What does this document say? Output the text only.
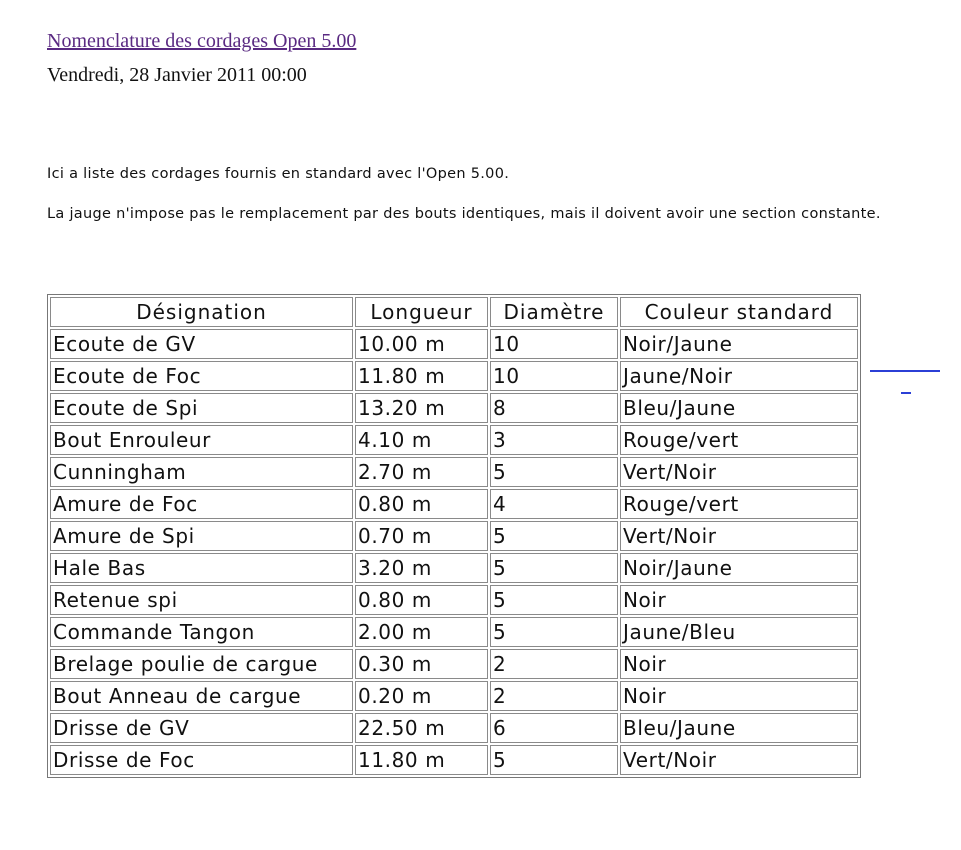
Nomenclature des cordages Open 5.00
Vendredi, 28 Janvier 2011 00:00
Ici a liste des cordages fournis en standard avec l'Open 5.00.
La jauge n'impose pas le remplacement par des bouts identiques, mais il doivent avoir une section constante.
Désignation	Longueur	Diamètre	Couleur standard
Ecoute de GV	10.00 m	10	Noir/Jaune
Ecoute de Foc	11.80 m	10	Jaune/Noir
Ecoute de Spi	13.20 m	8	Bleu/Jaune
Bout Enrouleur	4.10 m	3	Rouge/vert
Cunningham	2.70 m	5	Vert/Noir
Amure de Foc	0.80 m	4	Rouge/vert
Amure de Spi	0.70 m	5	Vert/Noir
Hale Bas	3.20 m	5	Noir/Jaune
Retenue spi	0.80 m	5	Noir
Commande Tangon	2.00 m	5	Jaune/Bleu
Brelage poulie de cargue	0.30 m	2	Noir
Bout Anneau de cargue	0.20 m	2	Noir
Drisse de GV	22.50 m	6	Bleu/Jaune
Drisse de Foc	11.80 m	5	Vert/Noir
